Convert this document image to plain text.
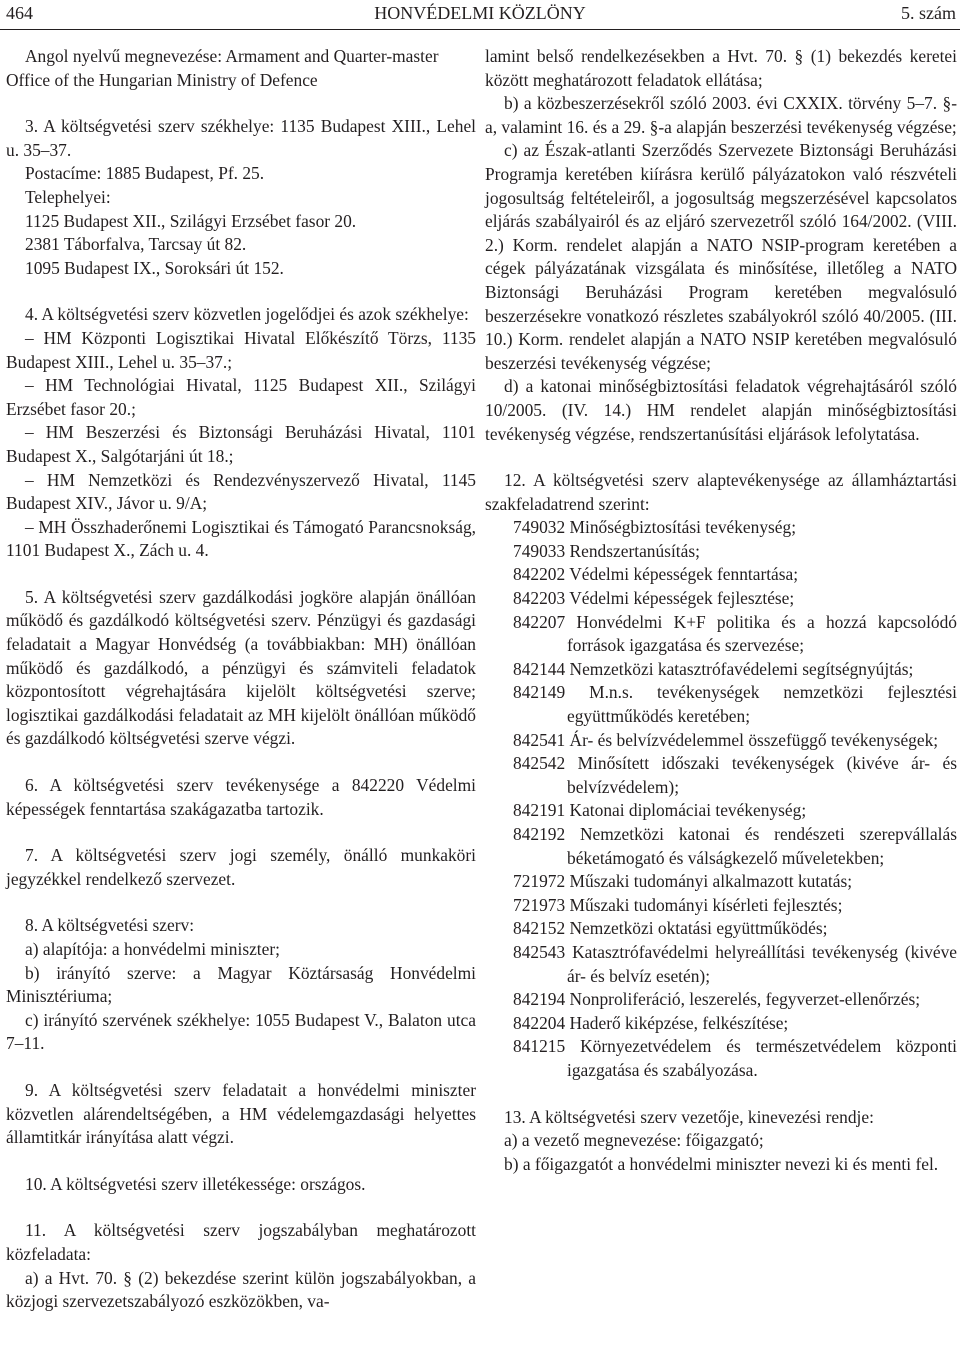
464	HONVÉDELMI KÖZLÖNY	5. szám

Angol nyelvű megnevezése: Armament and Quarter-master Office of the Hungarian Ministry of Defence

3. A költségvetési szerv székhelye: 1135 Budapest XIII., Lehel u. 35–37.

Postacíme: 1885 Budapest, Pf. 25.

Telephelyei:

1125 Budapest XII., Szilágyi Erzsébet fasor 20.

2381 Táborfalva, Tarcsay út 82.

1095 Budapest IX., Soroksári út 152.

4. A költségvetési szerv közvetlen jogelődjei és azok székhelye:

– HM Központi Logisztikai Hivatal Előkészítő Törzs, 1135 Budapest XIII., Lehel u. 35–37.;

– HM Technológiai Hivatal, 1125 Budapest XII., Szilágyi Erzsébet fasor 20.;

– HM Beszerzési és Biztonsági Beruházási Hivatal, 1101 Budapest X., Salgótarjáni út 18.;

– HM Nemzetközi és Rendezvényszervező Hivatal, 1145 Budapest XIV., Jávor u. 9/A;

– MH Összhaderőnemi Logisztikai és Támogató Parancsnokság, 1101 Budapest X., Zách u. 4.

5. A költségvetési szerv gazdálkodási jogköre alapján önállóan működő és gazdálkodó költségvetési szerv. Pénzügyi és gazdasági feladatait a Magyar Honvédség (a továbbiakban: MH) önállóan működő és gazdálkodó, a pénzügyi és számviteli feladatok központosított végrehajtására kijelölt költségvetési szerve; logisztikai gazdálkodási feladatait az MH kijelölt önállóan működő és gazdálkodó költségvetési szerve végzi.

6. A költségvetési szerv tevékenysége a 842220 Védelmi képességek fenntartása szakágazatba tartozik.

7. A költségvetési szerv jogi személy, önálló munkaköri jegyzékkel rendelkező szervezet.

8. A költségvetési szerv:

a) alapítója: a honvédelmi miniszter;

b) irányító szerve: a Magyar Köztársaság Honvédelmi Minisztériuma;

c) irányító szervének székhelye: 1055 Budapest V., Balaton utca 7–11.

9. A költségvetési szerv feladatait a honvédelmi miniszter közvetlen alárendeltségében, a HM védelemgazdasági helyettes államtitkár irányítása alatt végzi.

10. A költségvetési szerv illetékessége: országos.

11. A költségvetési szerv jogszabályban meghatározott közfeladata:

a) a Hvt. 70. § (2) bekezdése szerint külön jogszabályokban, a közjogi szervezetszabályozó eszközökben, va-

lamint belső rendelkezésekben a Hvt. 70. § (1) bekezdés keretei között meghatározott feladatok ellátása;

b) a közbeszerzésekről szóló 2003. évi CXXIX. törvény 5–7. §-a, valamint 16. és a 29. §-a alapján beszerzési tevékenység végzése;

c) az Észak-atlanti Szerződés Szervezete Biztonsági Beruházási Programja keretében kiírásra kerülő pályázatokon való részvételi jogosultság feltételeiről, a jogosultság megszerzésével kapcsolatos eljárás szabályairól és az eljáró szervezetről szóló 164/2002. (VIII. 2.) Korm. rendelet alapján a NATO NSIP-program keretében a cégek pályázatának vizsgálata és minősítése, illetőleg a NATO Biztonsági Beruházási Program keretében megvalósuló beszerzésekre vonatkozó részletes szabályokról szóló 40/2005. (III. 10.) Korm. rendelet alapján a NATO NSIP keretében megvalósuló beszerzési tevékenység végzése;

d) a katonai minőségbiztosítási feladatok végrehajtásáról szóló 10/2005. (IV. 14.) HM rendelet alapján minőségbiztosítási tevékenység végzése, rendszertanúsítási eljárások lefolytatása.

12. A költségvetési szerv alaptevékenysége az államháztartási szakfeladatrend szerint:

749032 Minőségbiztosítási tevékenység;

749033 Rendszertanúsítás;

842202 Védelmi képességek fenntartása;

842203 Védelmi képességek fejlesztése;

842207 Honvédelmi K+F politika és a hozzá kapcsolódó források igazgatása és szervezése;

842144 Nemzetközi katasztrófavédelemi segítségnyújtás;

842149 M.n.s. tevékenységek nemzetközi fejlesztési együttműködés keretében;

842541 Ár- és belvízvédelemmel összefüggő tevékenységek;

842542 Minősített időszaki tevékenységek (kivéve ár- és belvízvédelem);

842191 Katonai diplomáciai tevékenység;

842192 Nemzetközi katonai és rendészeti szerepvállalás béketámogató és válságkezelő műveletekben;

721972 Műszaki tudományi alkalmazott kutatás;

721973 Műszaki tudományi kísérleti fejlesztés;

842152 Nemzetközi oktatási együttműködés;

842543 Katasztrófavédelmi helyreállítási tevékenység (kivéve ár- és belvíz esetén);

842194 Nonproliferáció, leszerelés, fegyverzet-ellenőrzés;

842204 Haderő kiképzése, felkészítése;

841215 Környezetvédelem és természetvédelem központi igazgatása és szabályozása.

13. A költségvetési szerv vezetője, kinevezési rendje:

a) a vezető megnevezése: főigazgató;

b) a főigazgatót a honvédelmi miniszter nevezi ki és menti fel.
